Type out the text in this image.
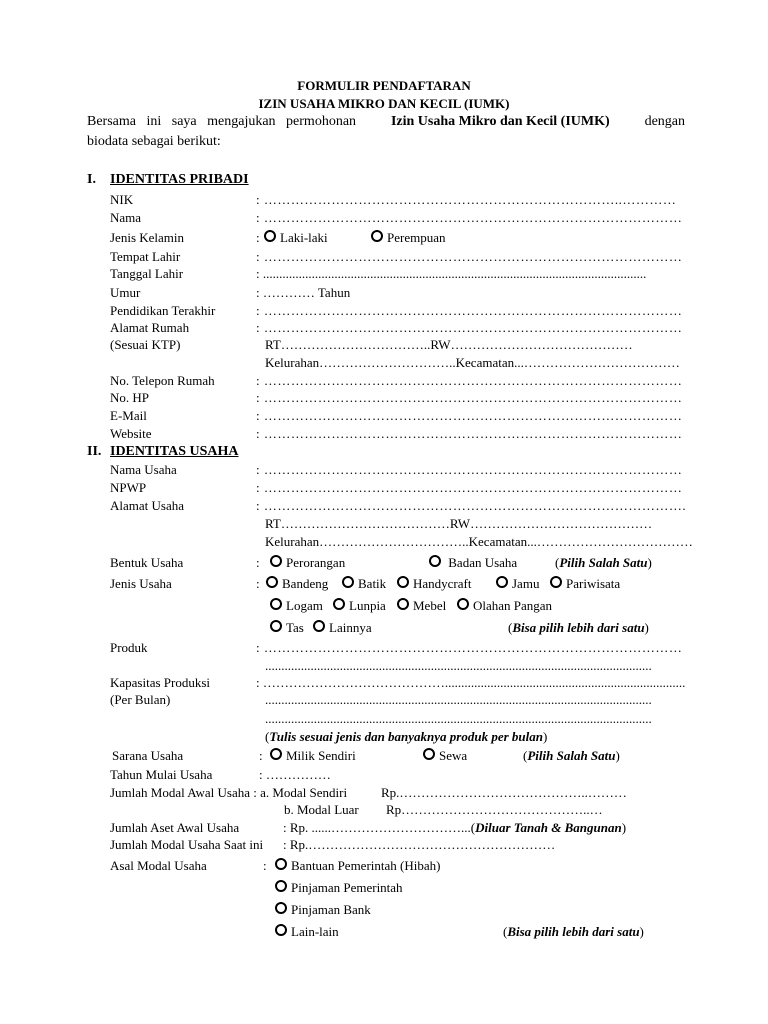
FORMULIR PENDAFTARAN
IZIN USAHA MIKRO DAN KECIL (IUMK)
Bersama   ini   saya   mengajukan   permohonan Izin Usaha Mikro dan Kecil (IUMK) dengan
biodata sebagai berikut:
I. IDENTITAS PRIBADI
NIK	: ……………………………………………………………………..…………
Nama	: …………………………………………………………………………………
Jenis Kelamin	:	Laki-laki	Perempuan
Tempat Lahir	: …………………………………………………………………………………
Tanggal Lahir	: ......................................................................................................................
Umur	: ………… Tahun
Pendidikan Terakhir	: …………………………………………………………………………………
Alamat Rumah	: …………………………………………………………………………………
(Sesuai KTP)	RT……………………………..RW……………………………………
Kelurahan…………………………..Kecamatan...………………………………
No. Telepon Rumah	: …………………………………………………………………………………
No. HP	: …………………………………………………………………………………
E-Mail	: …………………………………………………………………………………
Website	: …………………………………………………………………………………
II. IDENTITAS USAHA
Nama Usaha	: …………………………………………………………………………………
NPWP	: …………………………………………………………………………………
Alamat Usaha	: ………………………………………………………………………………….
RT…………………………………RW……………………………………
Kelurahan……………………………..Kecamatan...………………………………
Bentuk Usaha	:	Perorangan	Badan Usaha	(Pilih Salah Satu)
Jenis Usaha	:	Bandeng	Batik	Handycraft	Jamu	Pariwisata
Logam	Lunpia	Mebel	Olahan Pangan
Tas	Lainnya	(Bisa pilih lebih dari satu)
Produk	: …………………………………………………………………………………
.......................................................................................................................
Kapasitas Produksi	: ……………………………………..........................................................................
(Per Bulan)	.......................................................................................................................
.......................................................................................................................
(Tulis sesuai jenis dan banyaknya produk per bulan)
Sarana Usaha	:	Milik Sendiri	Sewa	(Pilih Salah Satu)
Tahun Mulai Usaha	: ……………
Jumlah Modal Awal Usaha : a. Modal Sendiri	Rp.……………………………………..………
b. Modal Luar Rp……………………………………..…
Jumlah Aset Awal Usaha	: Rp. ......…………………………...(Diluar Tanah & Bangunan)
Jumlah Modal Usaha Saat ini : Rp.…………………………………………………
Asal Modal Usaha	:	Bantuan Pemerintah (Hibah)
Pinjaman Pemerintah
Pinjaman Bank
Lain-lain	(Bisa pilih lebih dari satu)
